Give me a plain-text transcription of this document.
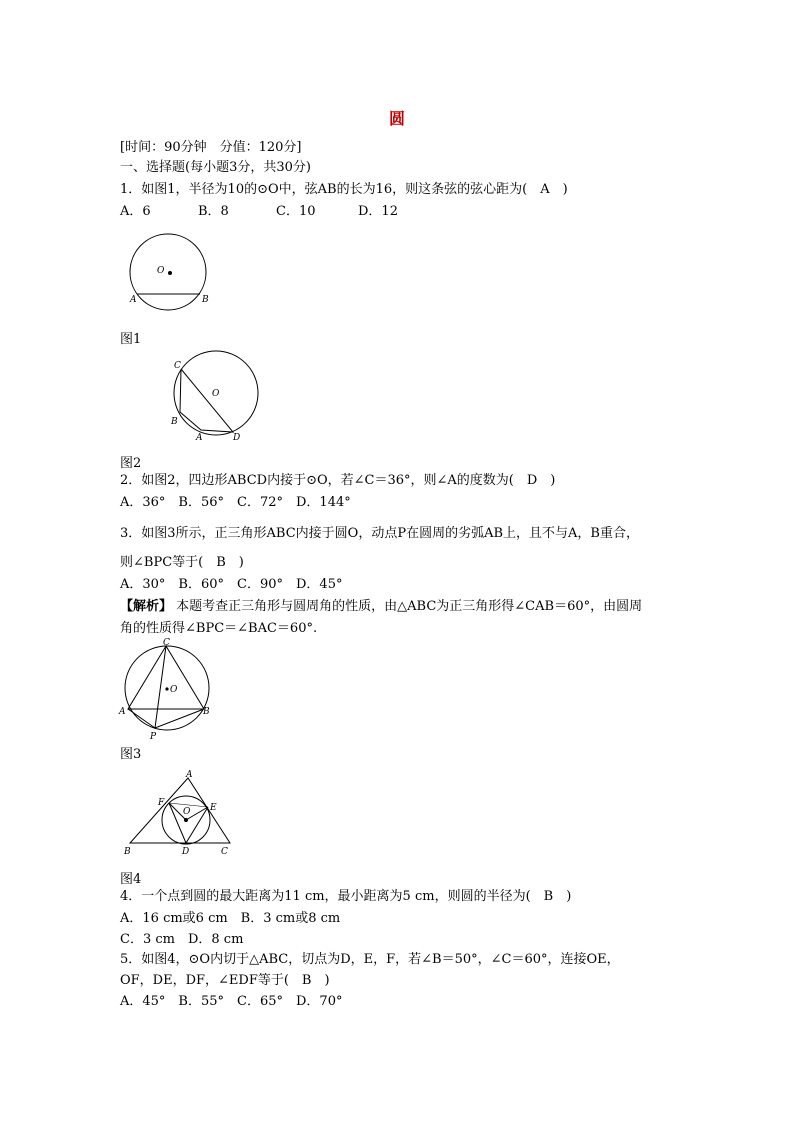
圆
[时间：90分钟　分值：120分]
一、选择题(每小题3分，共30分)
1．如图1，半径为10的⊙O中，弦AB的长为16，则这条弦的弦心距为(　A　)
A．6	B．8	C．10	D．12
O
A	B
图1
C
O
B
A	D
图2
2．如图2，四边形ABCD内接于⊙O，若∠C＝36°，则∠A的度数为(　D　)
A．36°　B．56°　C．72°　D．144°
3．如图3所示，正三角形ABC内接于圆O，动点P在圆周的劣弧AB上，且不与A，B重合，
则∠BPC等于(　B　)
A．30°　B．60°　C．90°　D．45°
【解析】 本题考查正三角形与圆周角的性质，由△ABC为正三角形得∠CAB＝60°，由圆周
角的性质得∠BPC＝∠BAC＝60°.
C
O
A	B
P
图3
A
F
O E
B	D	C
图4
4．一个点到圆的最大距离为11 cm，最小距离为5 cm，则圆的半径为(　B　)
A．16 cm或6 cm　B．3 cm或8 cm
C．3 cm　D．8 cm
5．如图4，⊙O内切于△ABC，切点为D，E，F，若∠B＝50°，∠C＝60°，连接OE，
OF，DE，DF，∠EDF等于(　B　)
A．45°　B．55°　C．65°　D．70°
